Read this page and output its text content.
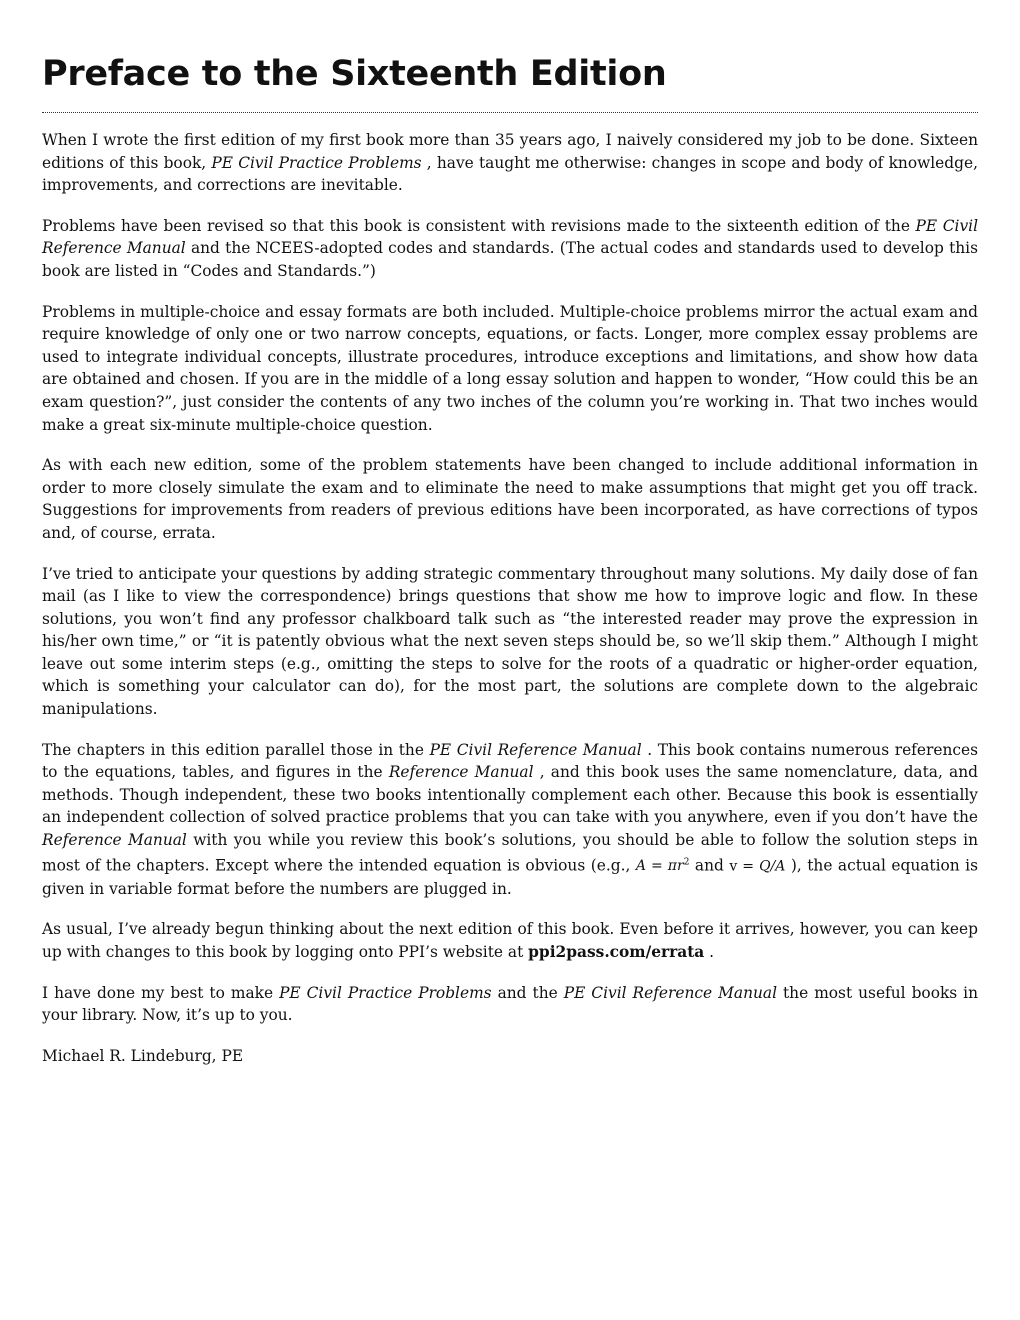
Preface to the Sixteenth Edition

When I wrote the first edition of my first book more than 35 years ago, I naively considered my job to be done. Sixteen editions of this book, PE Civil Practice Problems , have taught me otherwise: changes in scope and body of knowledge, improvements, and corrections are inevitable.

Problems have been revised so that this book is consistent with revisions made to the sixteenth edition of the PE Civil Reference Manual and the NCEES-adopted codes and standards. (The actual codes and standards used to develop this book are listed in “Codes and Standards.”)

Problems in multiple-choice and essay formats are both included. Multiple-choice problems mirror the actual exam and require knowledge of only one or two narrow concepts, equations, or facts. Longer, more complex essay problems are used to integrate individual concepts, illustrate procedures, introduce exceptions and limitations, and show how data are obtained and chosen. If you are in the middle of a long essay solution and happen to wonder, “How could this be an exam question?”, just consider the contents of any two inches of the column you’re working in. That two inches would make a great six-minute multiple-choice question.

As with each new edition, some of the problem statements have been changed to include additional information in order to more closely simulate the exam and to eliminate the need to make assumptions that might get you off track. Suggestions for improvements from readers of previous editions have been incorporated, as have corrections of typos and, of course, errata.

I’ve tried to anticipate your questions by adding strategic commentary throughout many solutions. My daily dose of fan mail (as I like to view the correspondence) brings questions that show me how to improve logic and flow. In these solutions, you won’t find any professor chalkboard talk such as “the interested reader may prove the expression in his/her own time,” or “it is patently obvious what the next seven steps should be, so we’ll skip them.” Although I might leave out some interim steps (e.g., omitting the steps to solve for the roots of a quadratic or higher-order equation, which is something your calculator can do), for the most part, the solutions are complete down to the algebraic manipulations.

The chapters in this edition parallel those in the PE Civil Reference Manual . This book contains numerous references to the equations, tables, and figures in the Reference Manual , and this book uses the same nomenclature, data, and methods. Though independent, these two books intentionally complement each other. Because this book is essentially an independent collection of solved practice problems that you can take with you anywhere, even if you don’t have the Reference Manual with you while you review this book’s solutions, you should be able to follow the solution steps in most of the chapters. Except where the intended equation is obvious (e.g., $A = \pi r^2$ and v = Q/A ), the actual equation is given in variable format before the numbers are plugged in.

As usual, I’ve already begun thinking about the next edition of this book. Even before it arrives, however, you can keep up with changes to this book by logging onto PPI’s website at ppi2pass.com/errata .

I have done my best to make PE Civil Practice Problems and the PE Civil Reference Manual the most useful books in your library. Now, it’s up to you.

Michael R. Lindeburg, PE
